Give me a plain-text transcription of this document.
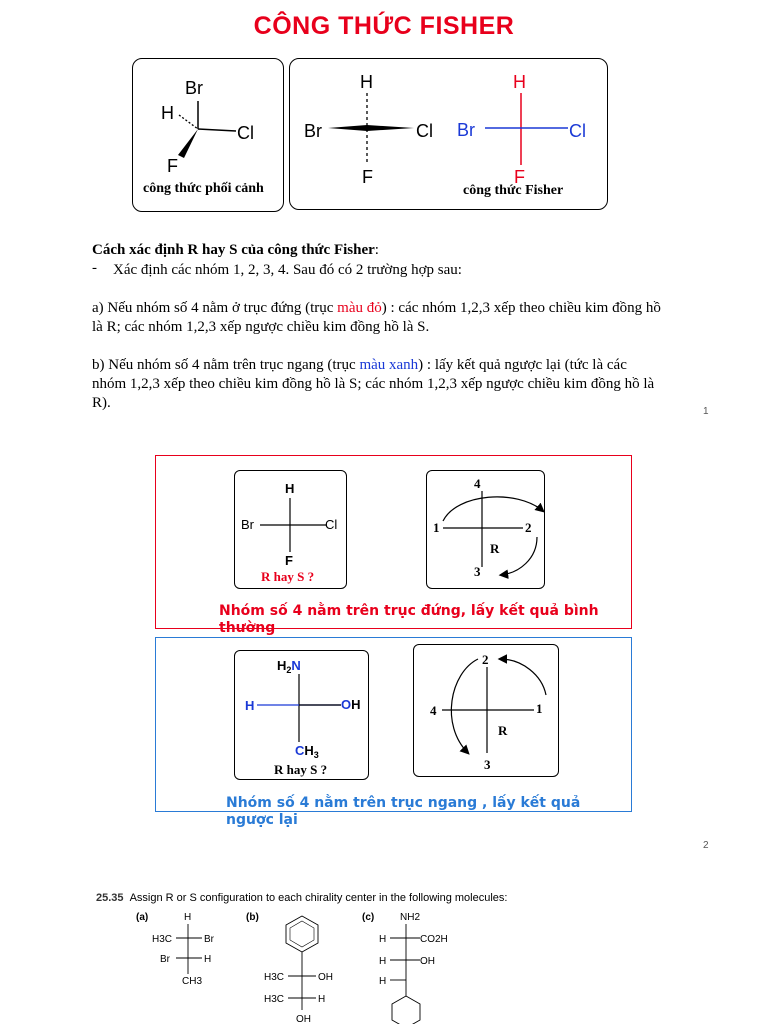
CÔNG THỨC FISHER
Br
H
Cl
F
công thức phối cảnh
H
Br	Cl
F
H
Br	Cl
F
công thức Fisher
Cách xác định R hay S của công thức Fisher:
- Xác định các nhóm 1, 2, 3, 4. Sau đó có 2 trường hợp sau:
a) Nếu nhóm số 4 nằm ở trục đứng (trục màu đỏ) : các nhóm 1,2,3 xếp theo chiều kim đồng hồ
là R; các nhóm 1,2,3 xếp ngược chiều kim đồng hồ là S.
b) Nếu nhóm số 4 nằm trên trục ngang (trục màu xanh) : lấy kết quả ngược lại (tức là các
nhóm 1,2,3 xếp theo chiều kim đồng hồ là S; các nhóm 1,2,3 xếp ngược chiều kim đồng hồ là
R).
1
H
Br	Cl
F
R hay S ?
4
1	2
3
R
Nhóm số 4 nằm trên trục đứng, lấy kết quả bình thường
$H_2N$
H	OH
$CH_3$
R hay S ?
2
4	1
3
R
Nhóm số 4 nằm trên trục ngang , lấy kết quả ngược lại
2
25.35 Assign R or S configuration to each chirality center in the following molecules:
(a)	(b)	(c)
H
H3C	Br
Br	H
CH3	H3C	OH
H3C	H
OH
NH2
H	CO2H
H	OH
H
